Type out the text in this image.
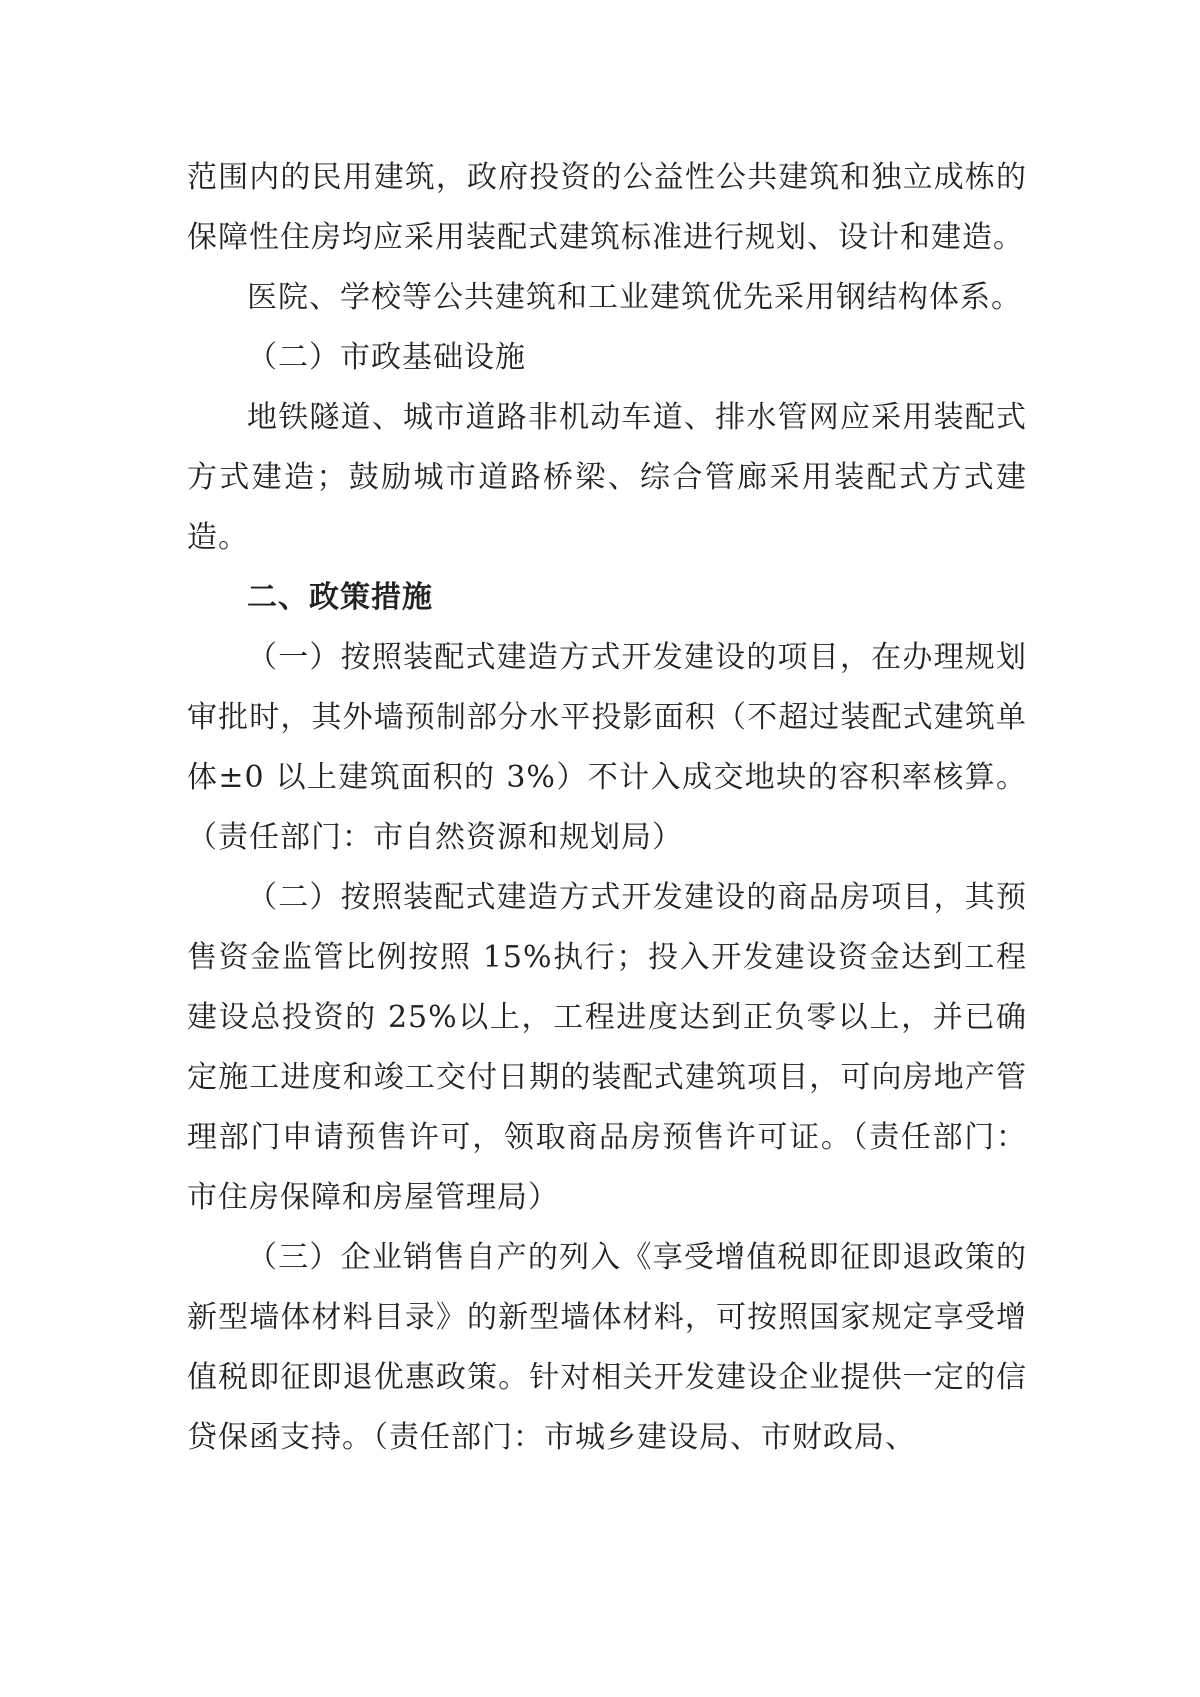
范围内的民用建筑，政府投资的公益性公共建筑和独立成栋的保障性住房均应采用装配式建筑标准进行规划、设计和建造。

医院、学校等公共建筑和工业建筑优先采用钢结构体系。

（二）市政基础设施

地铁隧道、城市道路非机动车道、排水管网应采用装配式方式建造；鼓励城市道路桥梁、综合管廊采用装配式方式建造。

二、政策措施

（一）按照装配式建造方式开发建设的项目，在办理规划审批时，其外墙预制部分水平投影面积（不超过装配式建筑单体±0 以上建筑面积的 3%）不计入成交地块的容积率核算。（责任部门：市自然资源和规划局）

（二）按照装配式建造方式开发建设的商品房项目，其预售资金监管比例按照 15%执行；投入开发建设资金达到工程建设总投资的 25%以上，工程进度达到正负零以上，并已确定施工进度和竣工交付日期的装配式建筑项目，可向房地产管理部门申请预售许可，领取商品房预售许可证。（责任部门：市住房保障和房屋管理局）

（三）企业销售自产的列入《享受增值税即征即退政策的新型墙体材料目录》的新型墙体材料，可按照国家规定享受增值税即征即退优惠政策。针对相关开发建设企业提供一定的信贷保函支持。（责任部门：市城乡建设局、市财政局、
